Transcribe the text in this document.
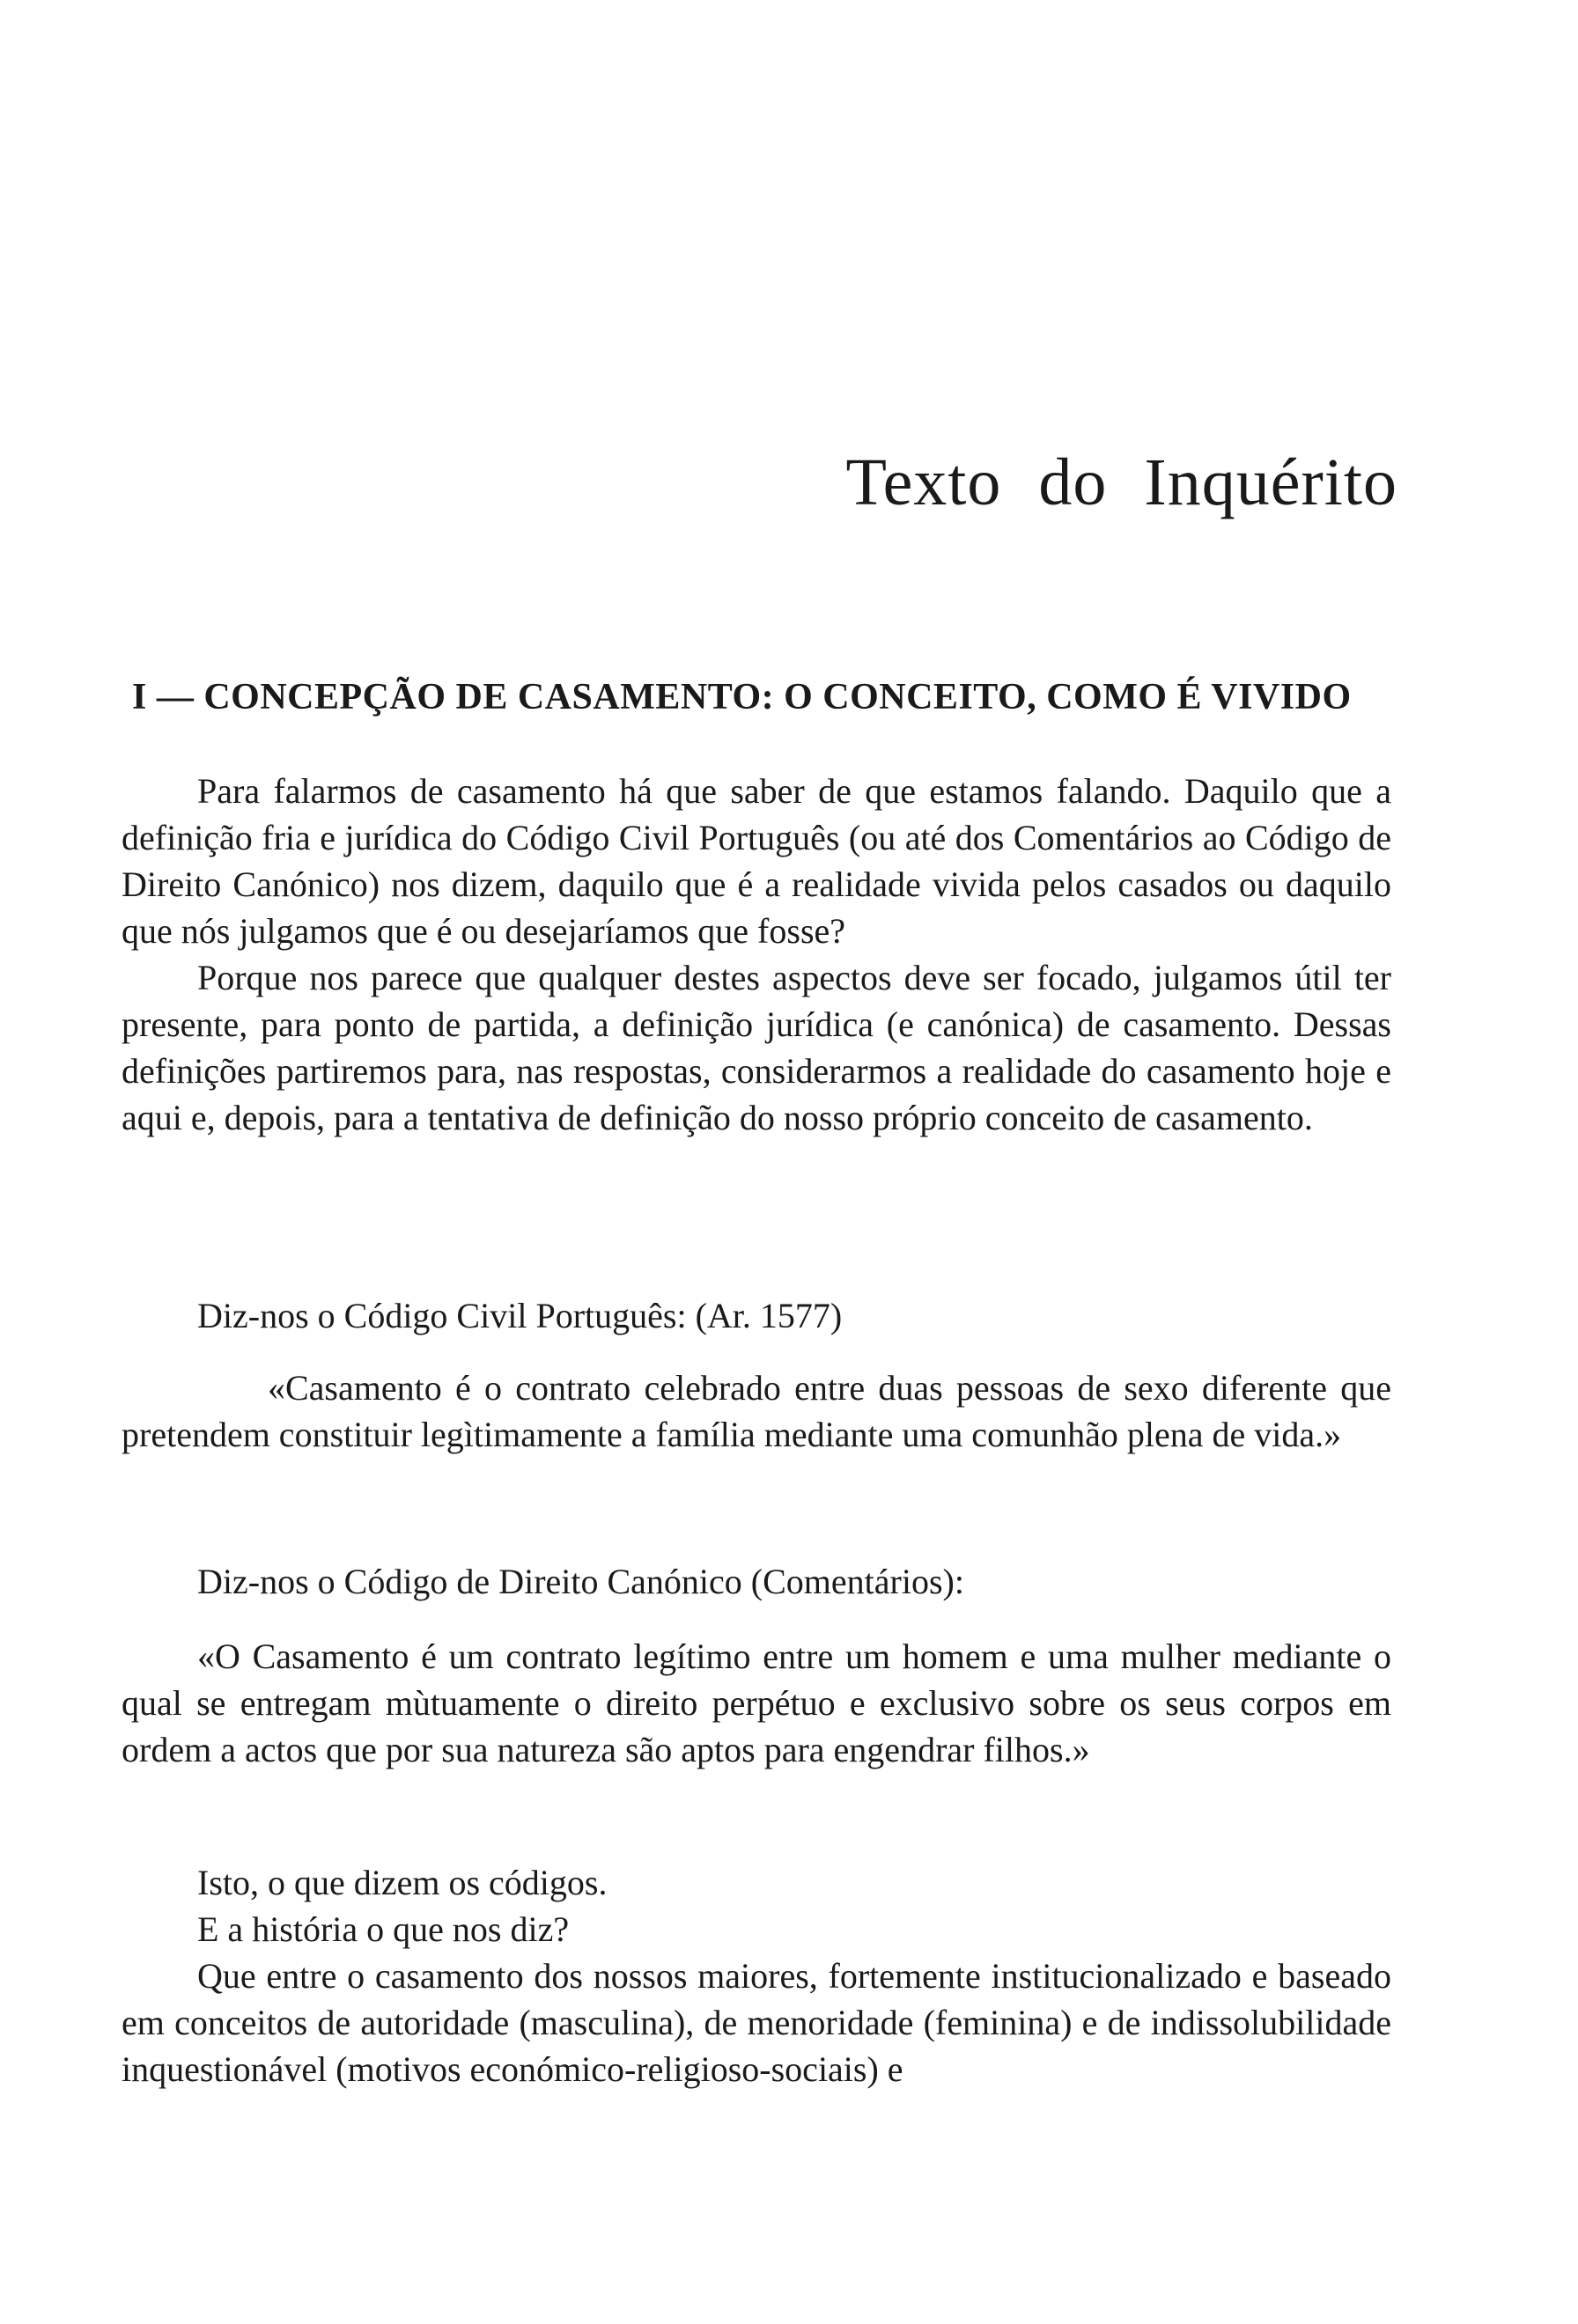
Texto do Inquérito
I — CONCEPÇÃO DE CASAMENTO: O CONCEITO, COMO É VIVIDO

Para falarmos de casamento há que saber de que estamos falando. Daquilo que a definição fria e jurídica do Código Civil Português (ou até dos Comentários ao Código de Direito Canónico) nos dizem, daquilo que é a realidade vivida pelos casados ou daquilo que nós julgamos que é ou desejaríamos que fosse?

Porque nos parece que qualquer destes aspectos deve ser focado, julgamos útil ter presente, para ponto de partida, a definição jurídica (e canónica) de casamento. Dessas definições partiremos para, nas respostas, considerarmos a realidade do casamento hoje e aqui e, depois, para a tentativa de definição do nosso próprio conceito de casamento.

Diz-nos o Código Civil Português: (Ar. 1577)

«Casamento é o contrato celebrado entre duas pessoas de sexo diferente que pretendem constituir legìtimamente a família mediante uma comunhão plena de vida.»

Diz-nos o Código de Direito Canónico (Comentários):

«O Casamento é um contrato legítimo entre um homem e uma mulher mediante o qual se entregam mùtuamente o direito perpétuo e exclusivo sobre os seus corpos em ordem a actos que por sua natureza são aptos para engendrar filhos.»

Isto, o que dizem os códigos.

E a história o que nos diz?

Que entre o casamento dos nossos maiores, fortemente institucionalizado e baseado em conceitos de autoridade (masculina), de menoridade (feminina) e de indissolubilidade inquestionável (motivos económico-religioso-sociais) e
